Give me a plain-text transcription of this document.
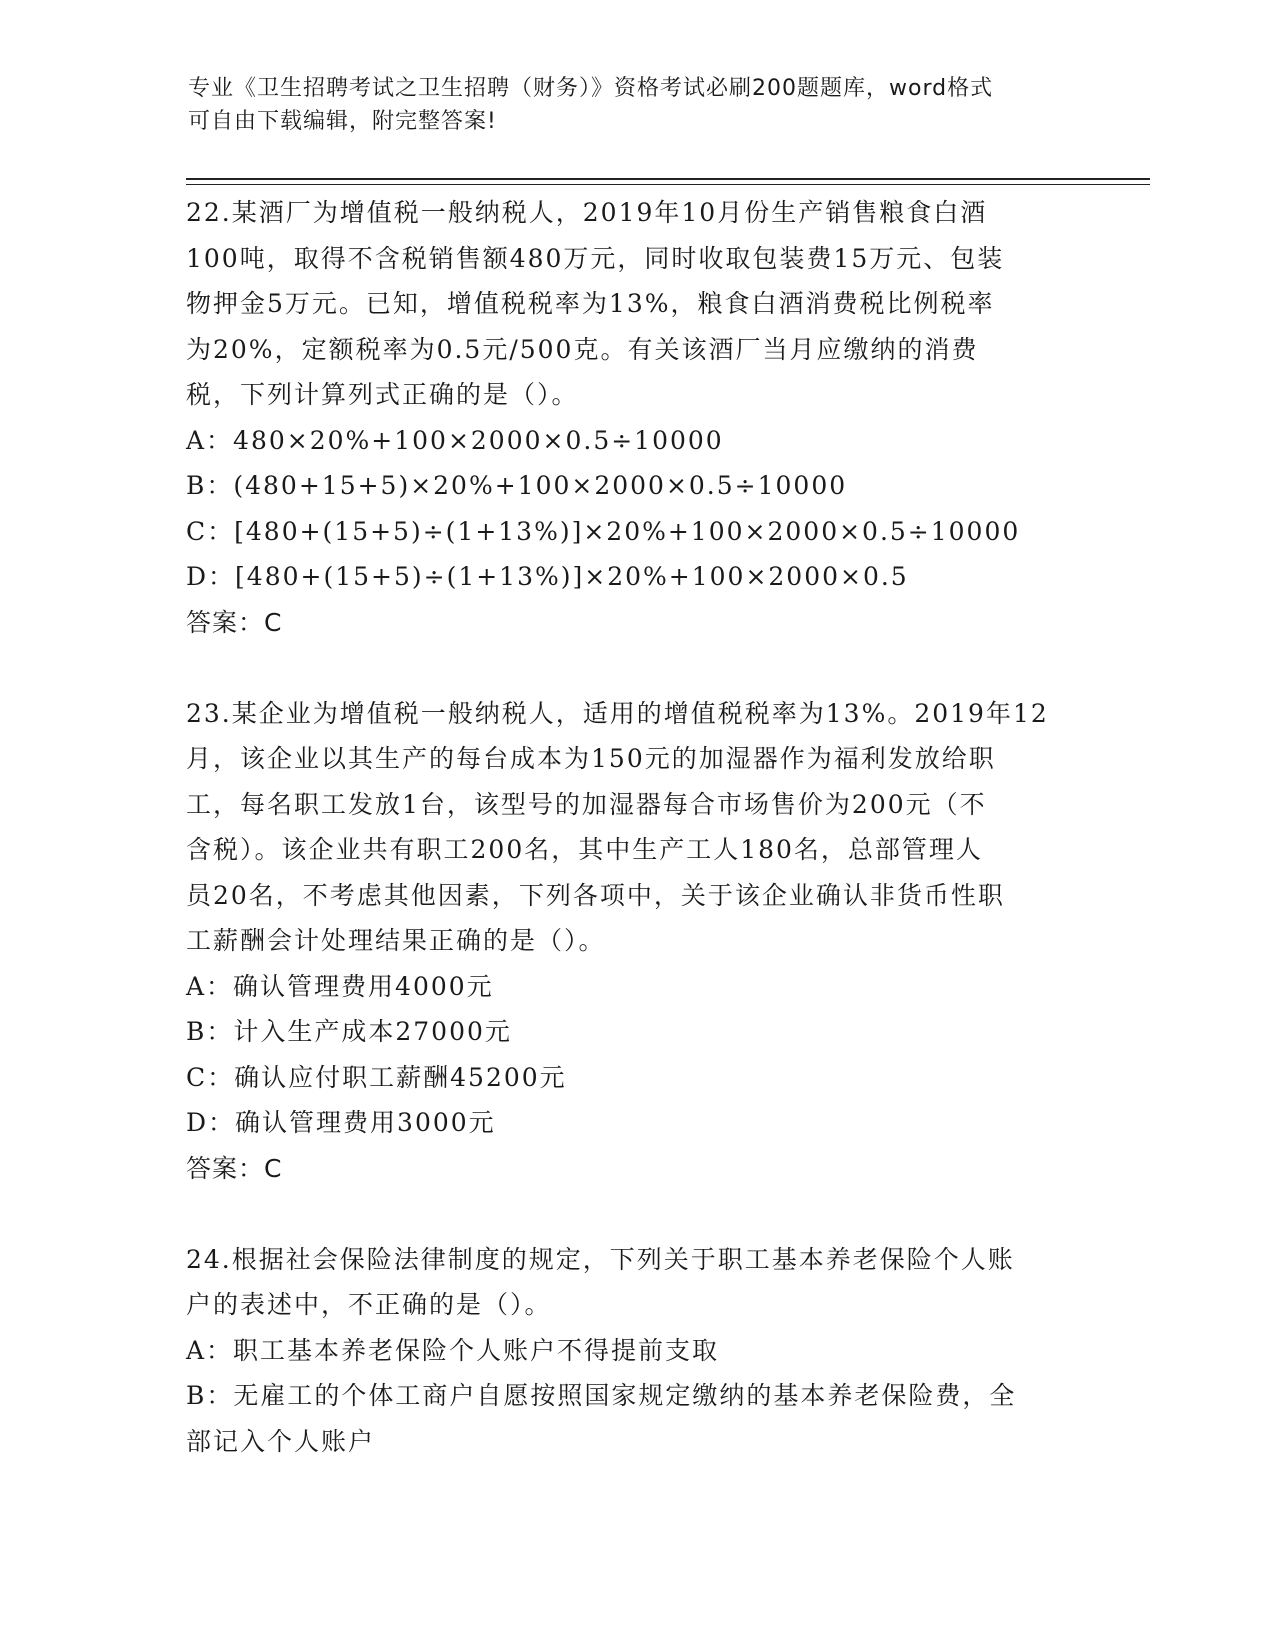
专业《卫生招聘考试之卫生招聘（财务）》资格考试必刷200题题库，word格式
可自由下载编辑，附完整答案!

22.某酒厂为增值税一般纳税人，2019年10月份生产销售粮食白酒

100吨，取得不含税销售额480万元，同时收取包装费15万元、包装

物押金5万元。已知，增值税税率为13%，粮食白酒消费税比例税率

为20%，定额税率为0.5元/500克。有关该酒厂当月应缴纳的消费

税，下列计算列式正确的是（）。

A：480×20%+100×2000×0.5÷10000

B：(480+15+5)×20%+100×2000×0.5÷10000

C：[480+(15+5)÷(1+13%)]×20%+100×2000×0.5÷10000

D：[480+(15+5)÷(1+13%)]×20%+100×2000×0.5

答案：C

23.某企业为增值税一般纳税人，适用的增值税税率为13%。2019年12

月，该企业以其生产的每台成本为150元的加湿器作为福利发放给职

工，每名职工发放1台，该型号的加湿器每合市场售价为200元（不

含税）。该企业共有职工200名，其中生产工人180名，总部管理人

员20名，不考虑其他因素，下列各项中，关于该企业确认非货币性职

工薪酬会计处理结果正确的是（）。

A：确认管理费用4000元

B：计入生产成本27000元

C：确认应付职工薪酬45200元

D：确认管理费用3000元

答案：C

24.根据社会保险法律制度的规定，下列关于职工基本养老保险个人账

户的表述中，不正确的是（）。

A：职工基本养老保险个人账户不得提前支取

B：无雇工的个体工商户自愿按照国家规定缴纳的基本养老保险费，全

部记入个人账户
